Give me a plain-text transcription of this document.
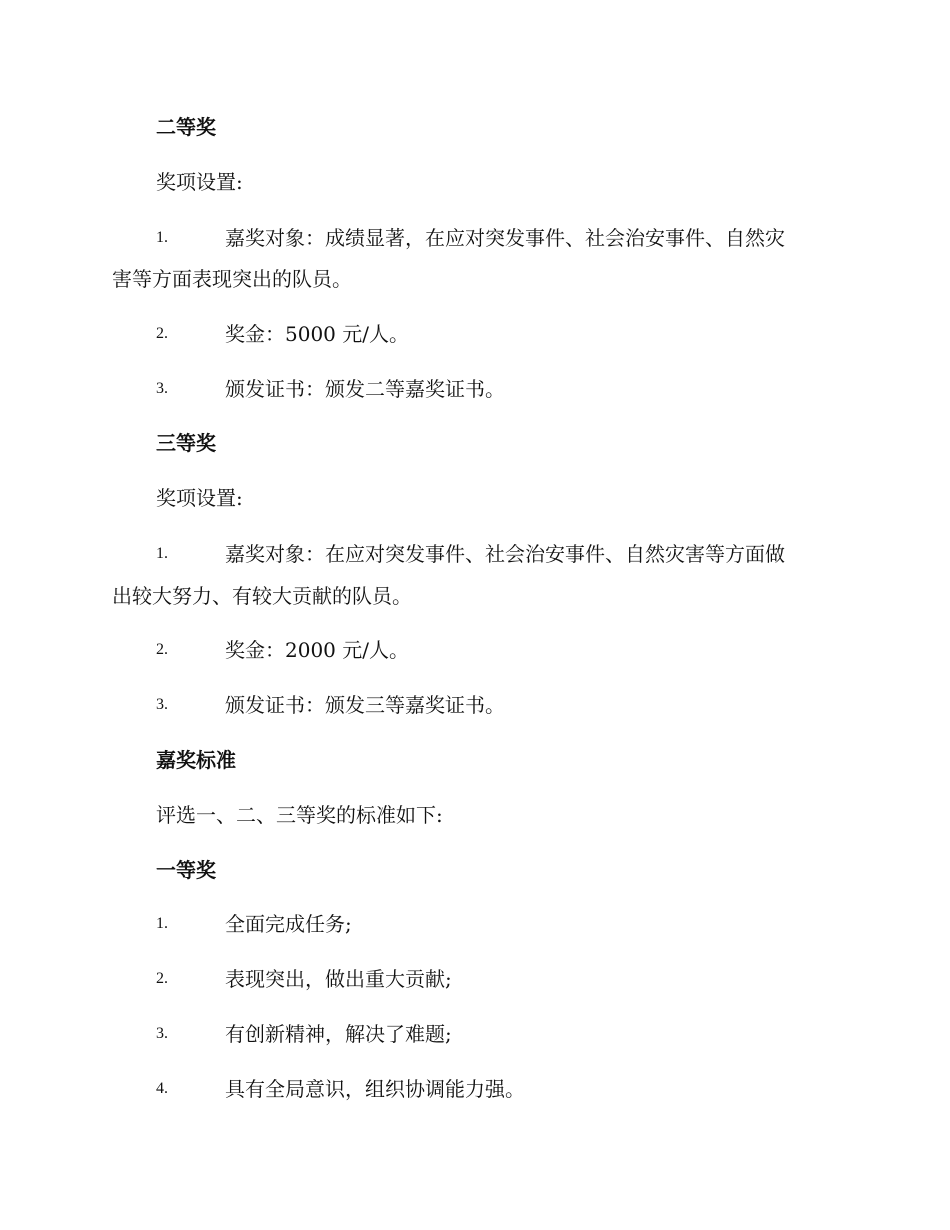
二等奖
奖项设置:
1.	嘉奖对象：成绩显著，在应对突发事件、社会治安事件、自然灾
害等方面表现突出的队员。
2.	奖金：5000 元/人。
3.	颁发证书：颁发二等嘉奖证书。
三等奖
奖项设置:
1.	嘉奖对象：在应对突发事件、社会治安事件、自然灾害等方面做
出较大努力、有较大贡献的队员。
2.	奖金：2000 元/人。
3.	颁发证书：颁发三等嘉奖证书。
嘉奖标准
评选一、二、三等奖的标准如下:
一等奖
1.	全面完成任务;
2.	表现突出，做出重大贡献;
3.	有创新精神，解决了难题;
4.	具有全局意识，组织协调能力强。
